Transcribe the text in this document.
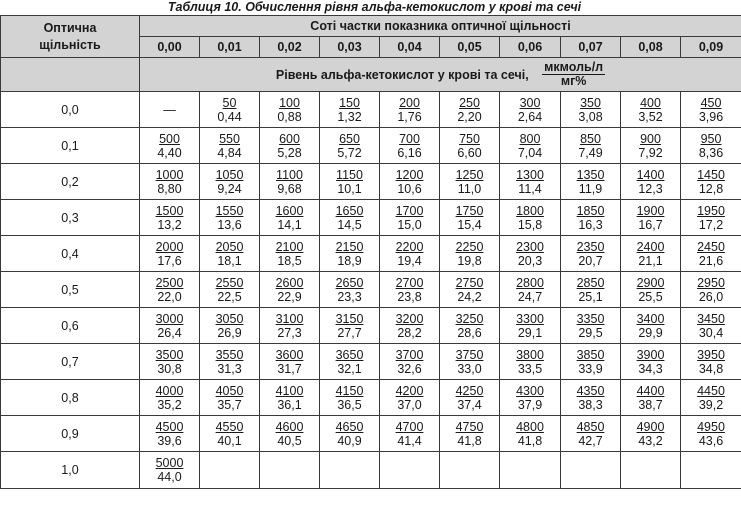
Таблиця 10. Обчислення рівня альфа-кетокислот у крові та сечі
Оптична щільність	Соті частки показника оптичної щільності									
	0,00	0,01	0,02	0,03	0,04	0,05	0,06	0,07	0,08	0,09
	Рівень альфа-кетокислот у крові та сечі, $\frac{\text{мкмоль/л}}{мг\%}$

0,0	—	$\frac{50}{0,44}$	$\frac{100}{0,88}$	$\frac{150}{1,32}$	$\frac{200}{1,76}$	$\frac{250}{2,20}$	$\frac{300}{2,64}$	$\frac{350}{3,08}$	$\frac{400}{3,52}$	$\frac{450}{3,96}$

0,1	$\frac{500}{4,40}$	$\frac{550}{4,84}$	$\frac{600}{5,28}$	$\frac{650}{5,72}$	$\frac{700}{6,16}$	$\frac{750}{6,60}$	$\frac{800}{7,04}$	$\frac{850}{7,49}$	$\frac{900}{7,92}$	$\frac{950}{8,36}$

0,2	$\frac{1000}{8,80}$	$\frac{1050}{9,24}$	$\frac{1100}{9,68}$	$\frac{1150}{10,1}$	$\frac{1200}{10,6}$	$\frac{1250}{11,0}$	$\frac{1300}{11,4}$	$\frac{1350}{11,9}$	$\frac{1400}{12,3}$	$\frac{1450}{12,8}$

0,3	$\frac{1500}{13,2}$	$\frac{1550}{13,6}$	$\frac{1600}{14,1}$	$\frac{1650}{14,5}$	$\frac{1700}{15,0}$	$\frac{1750}{15,4}$	$\frac{1800}{15,8}$	$\frac{1850}{16,3}$	$\frac{1900}{16,7}$	$\frac{1950}{17,2}$

0,4	$\frac{2000}{17,6}$	$\frac{2050}{18,1}$	$\frac{2100}{18,5}$	$\frac{2150}{18,9}$	$\frac{2200}{19,4}$	$\frac{2250}{19,8}$	$\frac{2300}{20,3}$	$\frac{2350}{20,7}$	$\frac{2400}{21,1}$	$\frac{2450}{21,6}$

0,5	$\frac{2500}{22,0}$	$\frac{2550}{22,5}$	$\frac{2600}{22,9}$	$\frac{2650}{23,3}$	$\frac{2700}{23,8}$	$\frac{2750}{24,2}$	$\frac{2800}{24,7}$	$\frac{2850}{25,1}$	$\frac{2900}{25,5}$	$\frac{2950}{26,0}$

0,6	$\frac{3000}{26,4}$	$\frac{3050}{26,9}$	$\frac{3100}{27,3}$	$\frac{3150}{27,7}$	$\frac{3200}{28,2}$	$\frac{3250}{28,6}$	$\frac{3300}{29,1}$	$\frac{3350}{29,5}$	$\frac{3400}{29,9}$	$\frac{3450}{30,4}$

0,7	$\frac{3500}{30,8}$	$\frac{3550}{31,3}$	$\frac{3600}{31,7}$	$\frac{3650}{32,1}$	$\frac{3700}{32,6}$	$\frac{3750}{33,0}$	$\frac{3800}{33,5}$	$\frac{3850}{33,9}$	$\frac{3900}{34,3}$	$\frac{3950}{34,8}$

0,8	$\frac{4000}{35,2}$	$\frac{4050}{35,7}$	$\frac{4100}{36,1}$	$\frac{4150}{36,5}$	$\frac{4200}{37,0}$	$\frac{4250}{37,4}$	$\frac{4300}{37,9}$	$\frac{4350}{38,3}$	$\frac{4400}{38,7}$	$\frac{4450}{39,2}$

0,9	$\frac{4500}{39,6}$	$\frac{4550}{40,1}$	$\frac{4600}{40,5}$	$\frac{4650}{40,9}$	$\frac{4700}{41,4}$	$\frac{4750}{41,8}$	$\frac{4800}{41,8}$	$\frac{4850}{42,7}$	$\frac{4900}{43,2}$	$\frac{4950}{43,6}$

1,0	$\frac{5000}{44,0}$
